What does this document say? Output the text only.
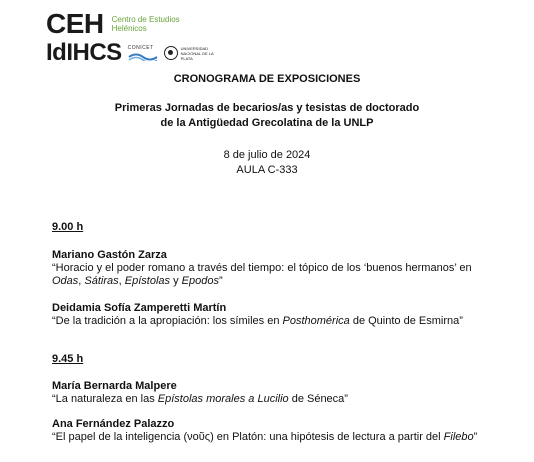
CEH Centro de Estudios
Helénicos
IdIHCS CONICET	UNIVERSIDAD NACIONAL DE LA PLATA
CRONOGRAMA DE EXPOSICIONES
Primeras Jornadas de becarios/as y tesistas de doctorado
de la Antigüedad Grecolatina de la UNLP
8 de julio de 2024
AULA C-333
9.00 h
Mariano Gastón Zarza
“Horacio y el poder romano a través del tiempo: el tópico de los ‘buenos hermanos’ en Odas, Sátiras, Epístolas y Epodos”
Deidamia Sofía Zamperetti Martín
“De la tradición a la apropiación: los símiles en Posthomérica de Quinto de Esmirna”
9.45 h
María Bernarda Malpere
“La naturaleza en las Epístolas morales a Lucilio de Séneca”
Ana Fernández Palazzo
“El papel de la inteligencia (νοῦς) en Platón: una hipótesis de lectura a partir del Filebo”
